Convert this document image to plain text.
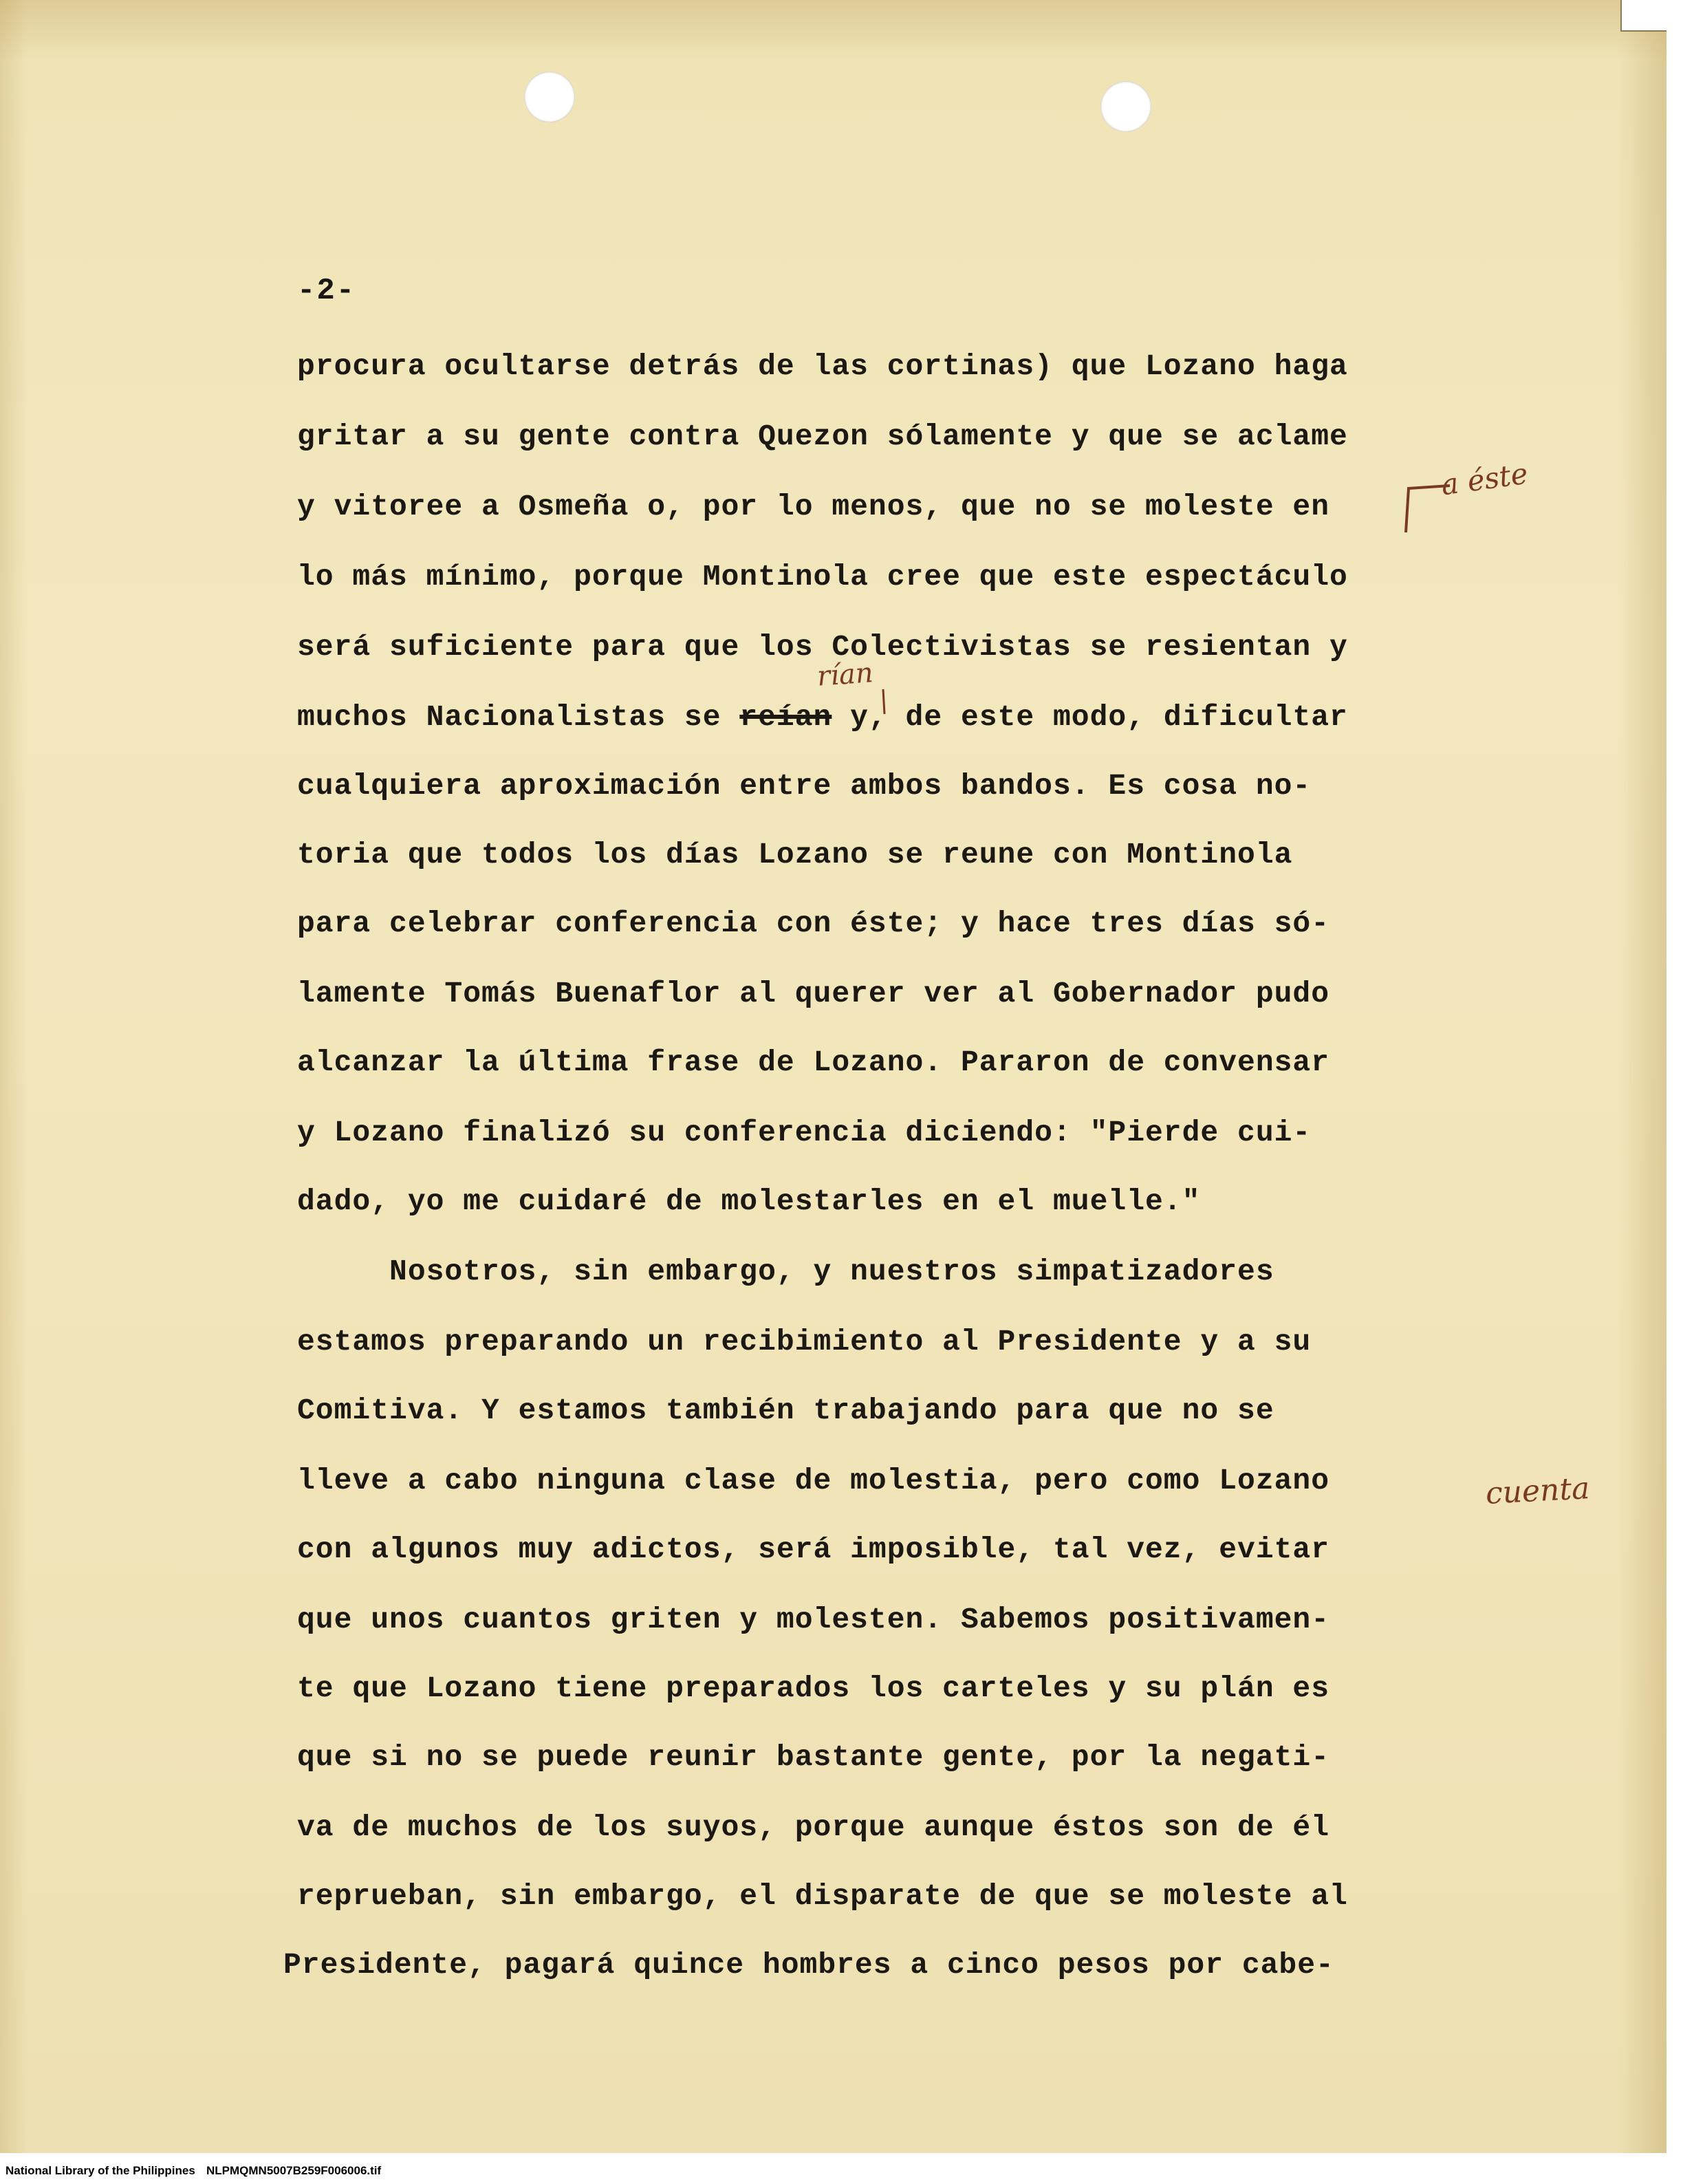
-2-

procura ocultarse detrás de las cortinas) que Lozano haga

gritar a su gente contra Quezon sólamente y que se aclame

y vitoree a Osmeña o, por lo menos, que no se moleste en

lo más mínimo, porque Montinola cree que este espectáculo

será suficiente para que los Colectivistas se resientan y

muchos Nacionalistas se reían y, de este modo, dificultar

cualquiera aproximación entre ambos bandos. Es cosa no-

toria que todos los días Lozano se reune con Montinola

para celebrar conferencia con éste; y hace tres días só-

lamente Tomás Buenaflor al querer ver al Gobernador pudo

alcanzar la última frase de Lozano. Pararon de convensar

y Lozano finalizó su conferencia diciendo: "Pierde cui-

dado, yo me cuidaré de molestarles en el muelle."

Nosotros, sin embargo, y nuestros simpatizadores

estamos preparando un recibimiento al Presidente y a su

Comitiva. Y estamos también trabajando para que no se

lleve a cabo ninguna clase de molestia, pero como Lozano

con algunos muy adictos, será imposible, tal vez, evitar

que unos cuantos griten y molesten. Sabemos positivamen-

te que Lozano tiene preparados los carteles y su plán es

que si no se puede reunir bastante gente, por la negati-

va de muchos de los suyos, porque aunque éstos son de él

reprueban, sin embargo, el disparate de que se moleste al

Presidente, pagará quince hombres a cinco pesos por cabe-

a éste

rían

cuenta

National Library of the Philippines NLPMQMN5007B259F006006.tif
